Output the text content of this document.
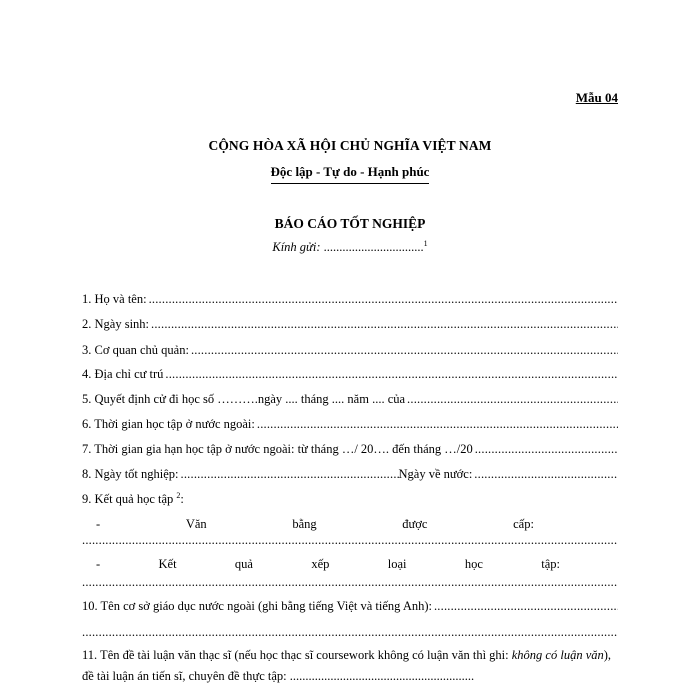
Mẫu 04
CỘNG HÒA XÃ HỘI CHỦ NGHĨA VIỆT NAM
Độc lập - Tự do - Hạnh phúc
BÁO CÁO TỐT NGHIỆP
Kính gửi: ................................$^1$
1. Họ và tên:
.....
2. Ngày sinh:
.....
3. Cơ quan chủ quản:
.....
4. Địa chỉ cư trú
.....
5. Quyết định cử đi học số ……….ngày .... tháng .... năm .... của
.....
6. Thời gian học tập ở nước ngoài:
.....
7. Thời gian gia hạn học tập ở nước ngoài: từ tháng …/ 20…. đến tháng …/20
.....
8. Ngày tốt nghiệp:
.....	Ngày về nước:
.....
9. Kết quả học tập $^2$:
-	Văn	bằng	được	cấp:
.....
-	Kết	quả	xếp	loại	học	tập:
.....
10. Tên cơ sở giáo dục nước ngoài (ghi bằng tiếng Việt và tiếng Anh):
.....
.....
11. Tên đề tài luận văn thạc sĩ (nếu học thạc sĩ coursework không có luận văn thì ghi: không có luận văn), đề tài luận án tiến sĩ, chuyên đề thực tập: .....
